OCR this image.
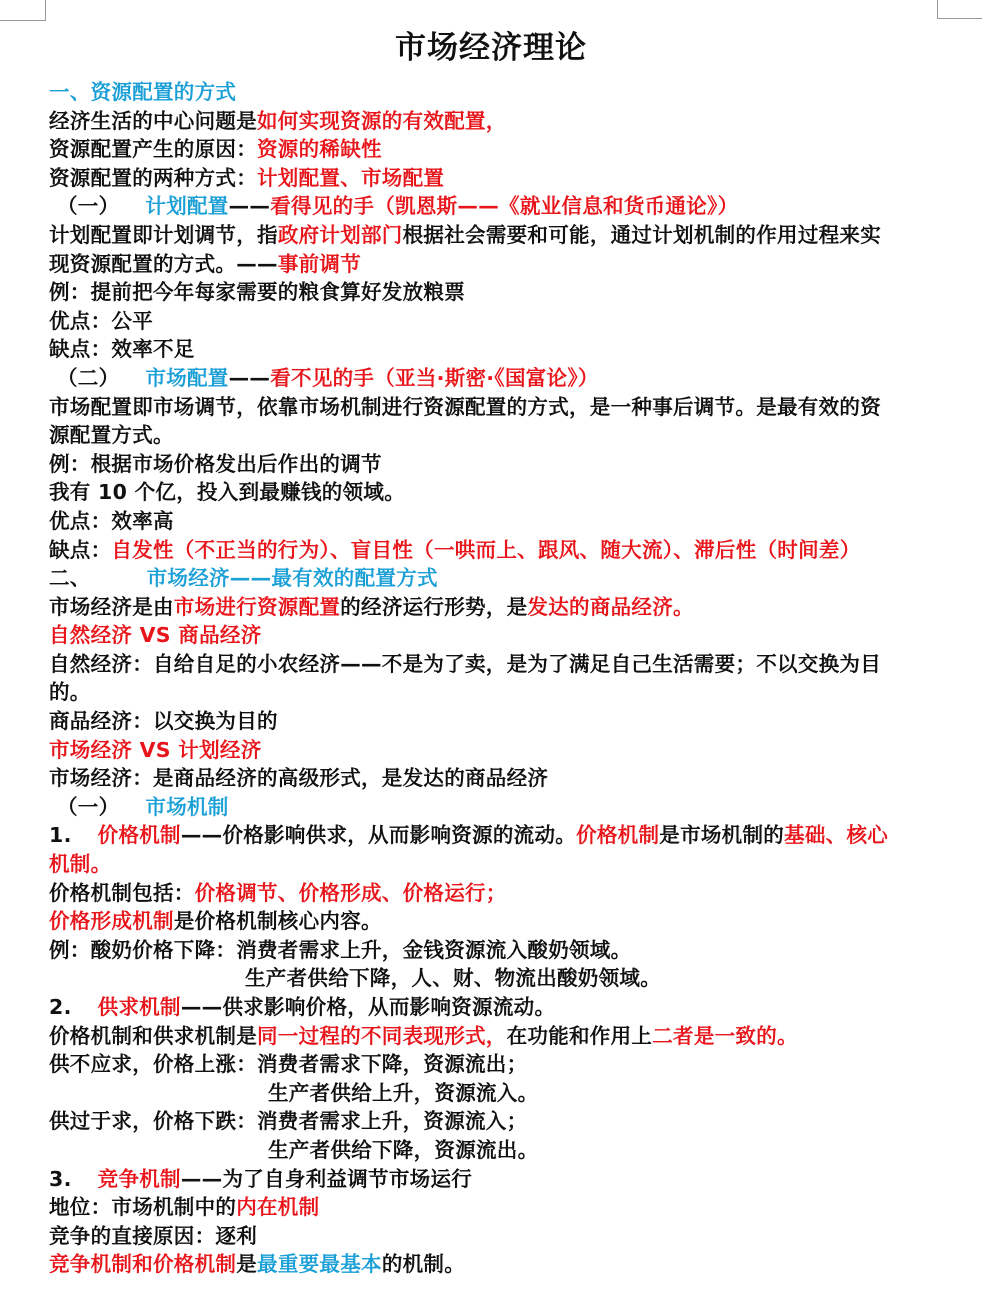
市场经济理论
一、资源配置的方式
经济生活的中心问题是如何实现资源的有效配置，
资源配置产生的原因：资源的稀缺性
资源配置的两种方式：计划配置、市场配置
（一） 计划配置——看得见的手（凯恩斯——《就业信息和货币通论》）
计划配置即计划调节，指政府计划部门根据社会需要和可能，通过计划机制的作用过程来实
现资源配置的方式。——事前调节
例：提前把今年每家需要的粮食算好发放粮票
优点：公平
缺点：效率不足
（二） 市场配置——看不见的手（亚当·斯密·《国富论》）
市场配置即市场调节，依靠市场机制进行资源配置的方式，是一种事后调节。是最有效的资
源配置方式。
例：根据市场价格发出后作出的调节
我有 10 个亿，投入到最赚钱的领域。
优点：效率高
缺点：自发性（不正当的行为）、盲目性（一哄而上、跟风、随大流）、滞后性（时间差）
二、	市场经济——最有效的配置方式
市场经济是由市场进行资源配置的经济运行形势，是发达的商品经济。
自然经济 VS 商品经济
自然经济：自给自足的小农经济——不是为了卖，是为了满足自己生活需要；不以交换为目
的。
商品经济：以交换为目的
市场经济 VS 计划经济
市场经济：是商品经济的高级形式，是发达的商品经济
（一） 市场机制
1. 价格机制——价格影响供求，从而影响资源的流动。价格机制是市场机制的基础、核心
机制。
价格机制包括：价格调节、价格形成、价格运行；
价格形成机制是价格机制核心内容。
例：酸奶价格下降：消费者需求上升，金钱资源流入酸奶领域。
生产者供给下降，人、财、物流出酸奶领域。
2. 供求机制——供求影响价格，从而影响资源流动。
价格机制和供求机制是同一过程的不同表现形式，在功能和作用上二者是一致的。
供不应求，价格上涨：消费者需求下降，资源流出；
生产者供给上升，资源流入。
供过于求，价格下跌：消费者需求上升，资源流入；
生产者供给下降，资源流出。
3. 竞争机制——为了自身利益调节市场运行
地位：市场机制中的内在机制
竞争的直接原因：逐利
竞争机制和价格机制是最重要最基本的机制。
